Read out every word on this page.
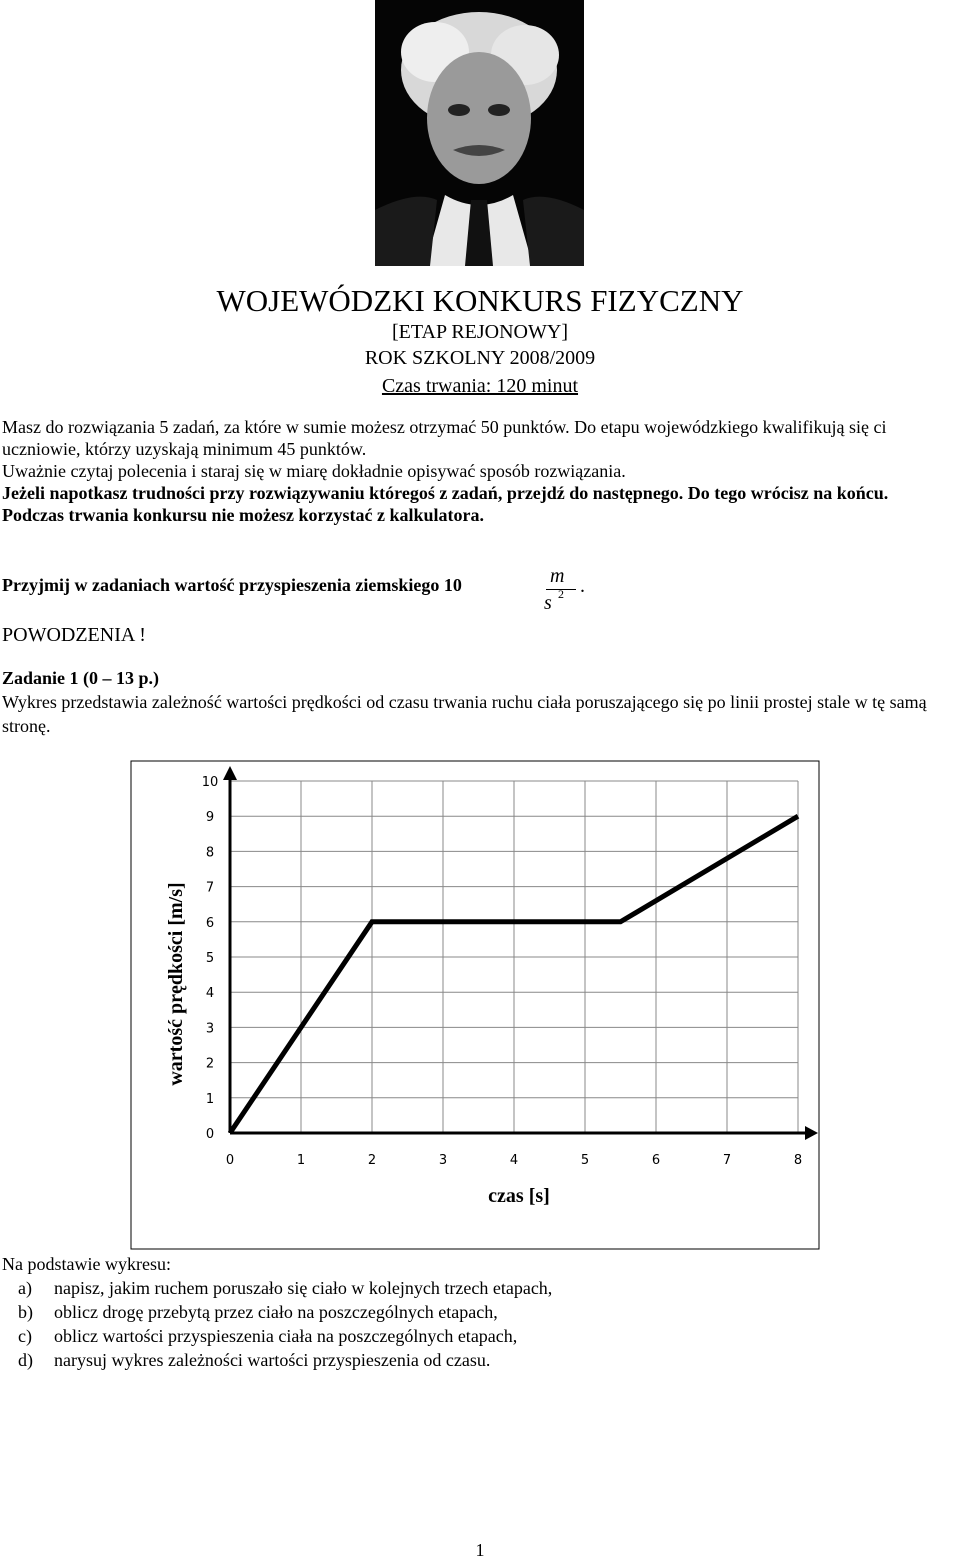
WOJEWÓDZKI KONKURS FIZYCZNY
[ETAP REJONOWY]
ROK SZKOLNY 2008/2009
Czas trwania: 120 minut

Masz do rozwiązania 5 zadań, za które w sumie możesz otrzymać 50 punktów. Do etapu wojewódzkiego kwalifikują się ci uczniowie, którzy uzyskają minimum 45 punktów.

Uważnie czytaj polecenia i staraj się w miarę dokładnie opisywać sposób rozwiązania.

Jeżeli napotkasz trudności przy rozwiązywaniu któregoś z zadań, przejdź do następnego. Do tego wrócisz na końcu.

Podczas trwania konkursu nie możesz korzystać z kalkulatora.

Przyjmij w zadaniach wartość przyspieszenia ziemskiego 10	m
s 2 .
POWODZENIA !
Zadanie 1 (0 – 13 p.)
Wykres przedstawia zależność wartości prędkości od czasu trwania ruchu ciała poruszającego się po linii prostej stale w tę samą stronę.
0
1
2
3
4
5
6
7
8
9
10
0	1	2	3	4	5	6	7	8
czas [s]
wartość prędkości [m/s]
Na podstawie wykresu:
a) napisz, jakim ruchem poruszało się ciało w kolejnych trzech etapach,
b) oblicz drogę przebytą przez ciało na poszczególnych etapach,
c) oblicz wartości przyspieszenia ciała na poszczególnych etapach,
d) narysuj wykres zależności wartości przyspieszenia od czasu.
1
